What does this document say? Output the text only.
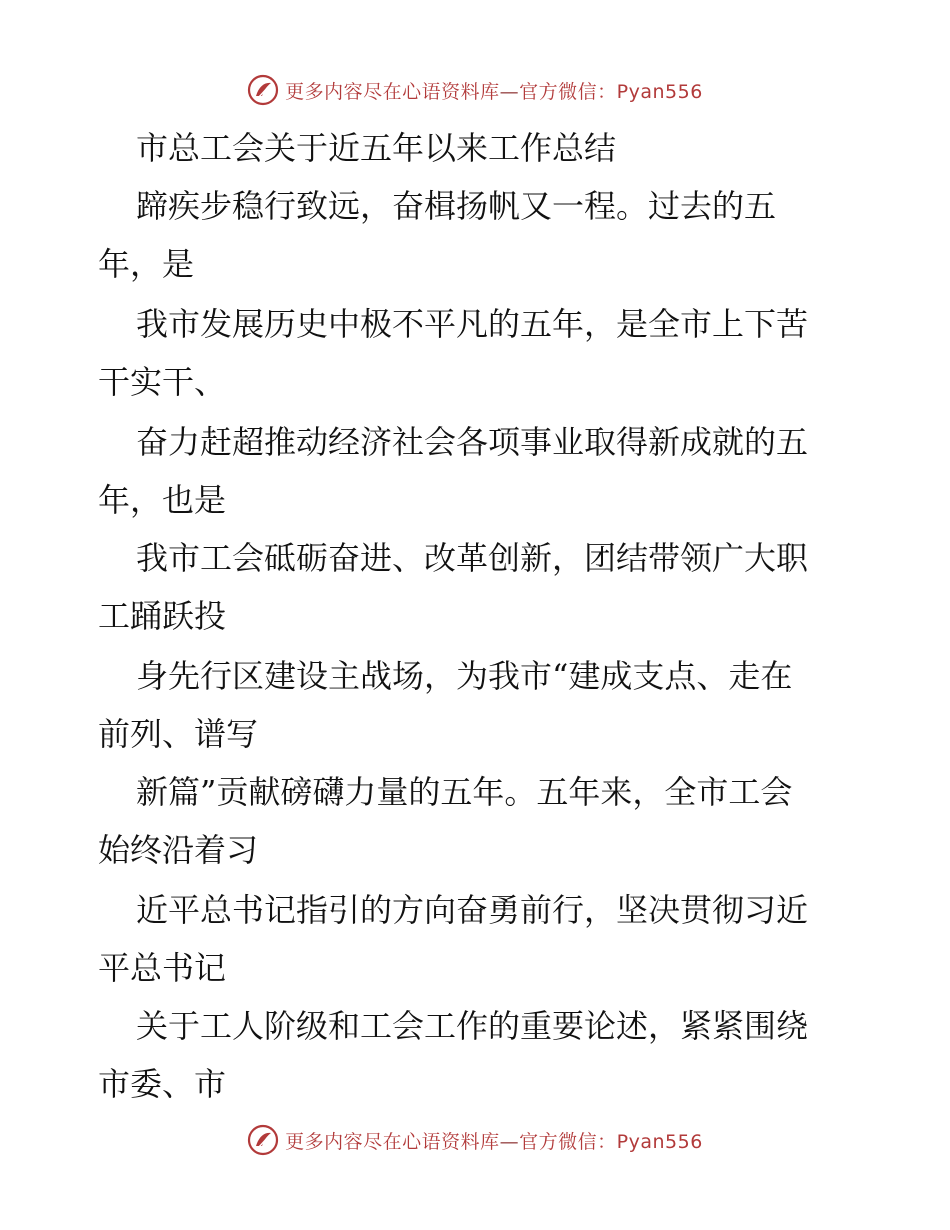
更多内容尽在心语资料库—官方微信：Pyan556
市总工会关于近五年以来工作总结
蹄疾步稳行致远，奋楫扬帆又一程。过去的五
年，是
我市发展历史中极不平凡的五年，是全市上下苦
干实干、
奋力赶超推动经济社会各项事业取得新成就的五
年，也是
我市工会砥砺奋进、改革创新，团结带领广大职
工踊跃投
身先行区建设主战场，为我市“建成支点、走在
前列、谱写
新篇”贡献磅礴力量的五年。五年来，全市工会
始终沿着习
近平总书记指引的方向奋勇前行，坚决贯彻习近
平总书记
关于工人阶级和工会工作的重要论述，紧紧围绕
市委、市
更多内容尽在心语资料库—官方微信：Pyan556
